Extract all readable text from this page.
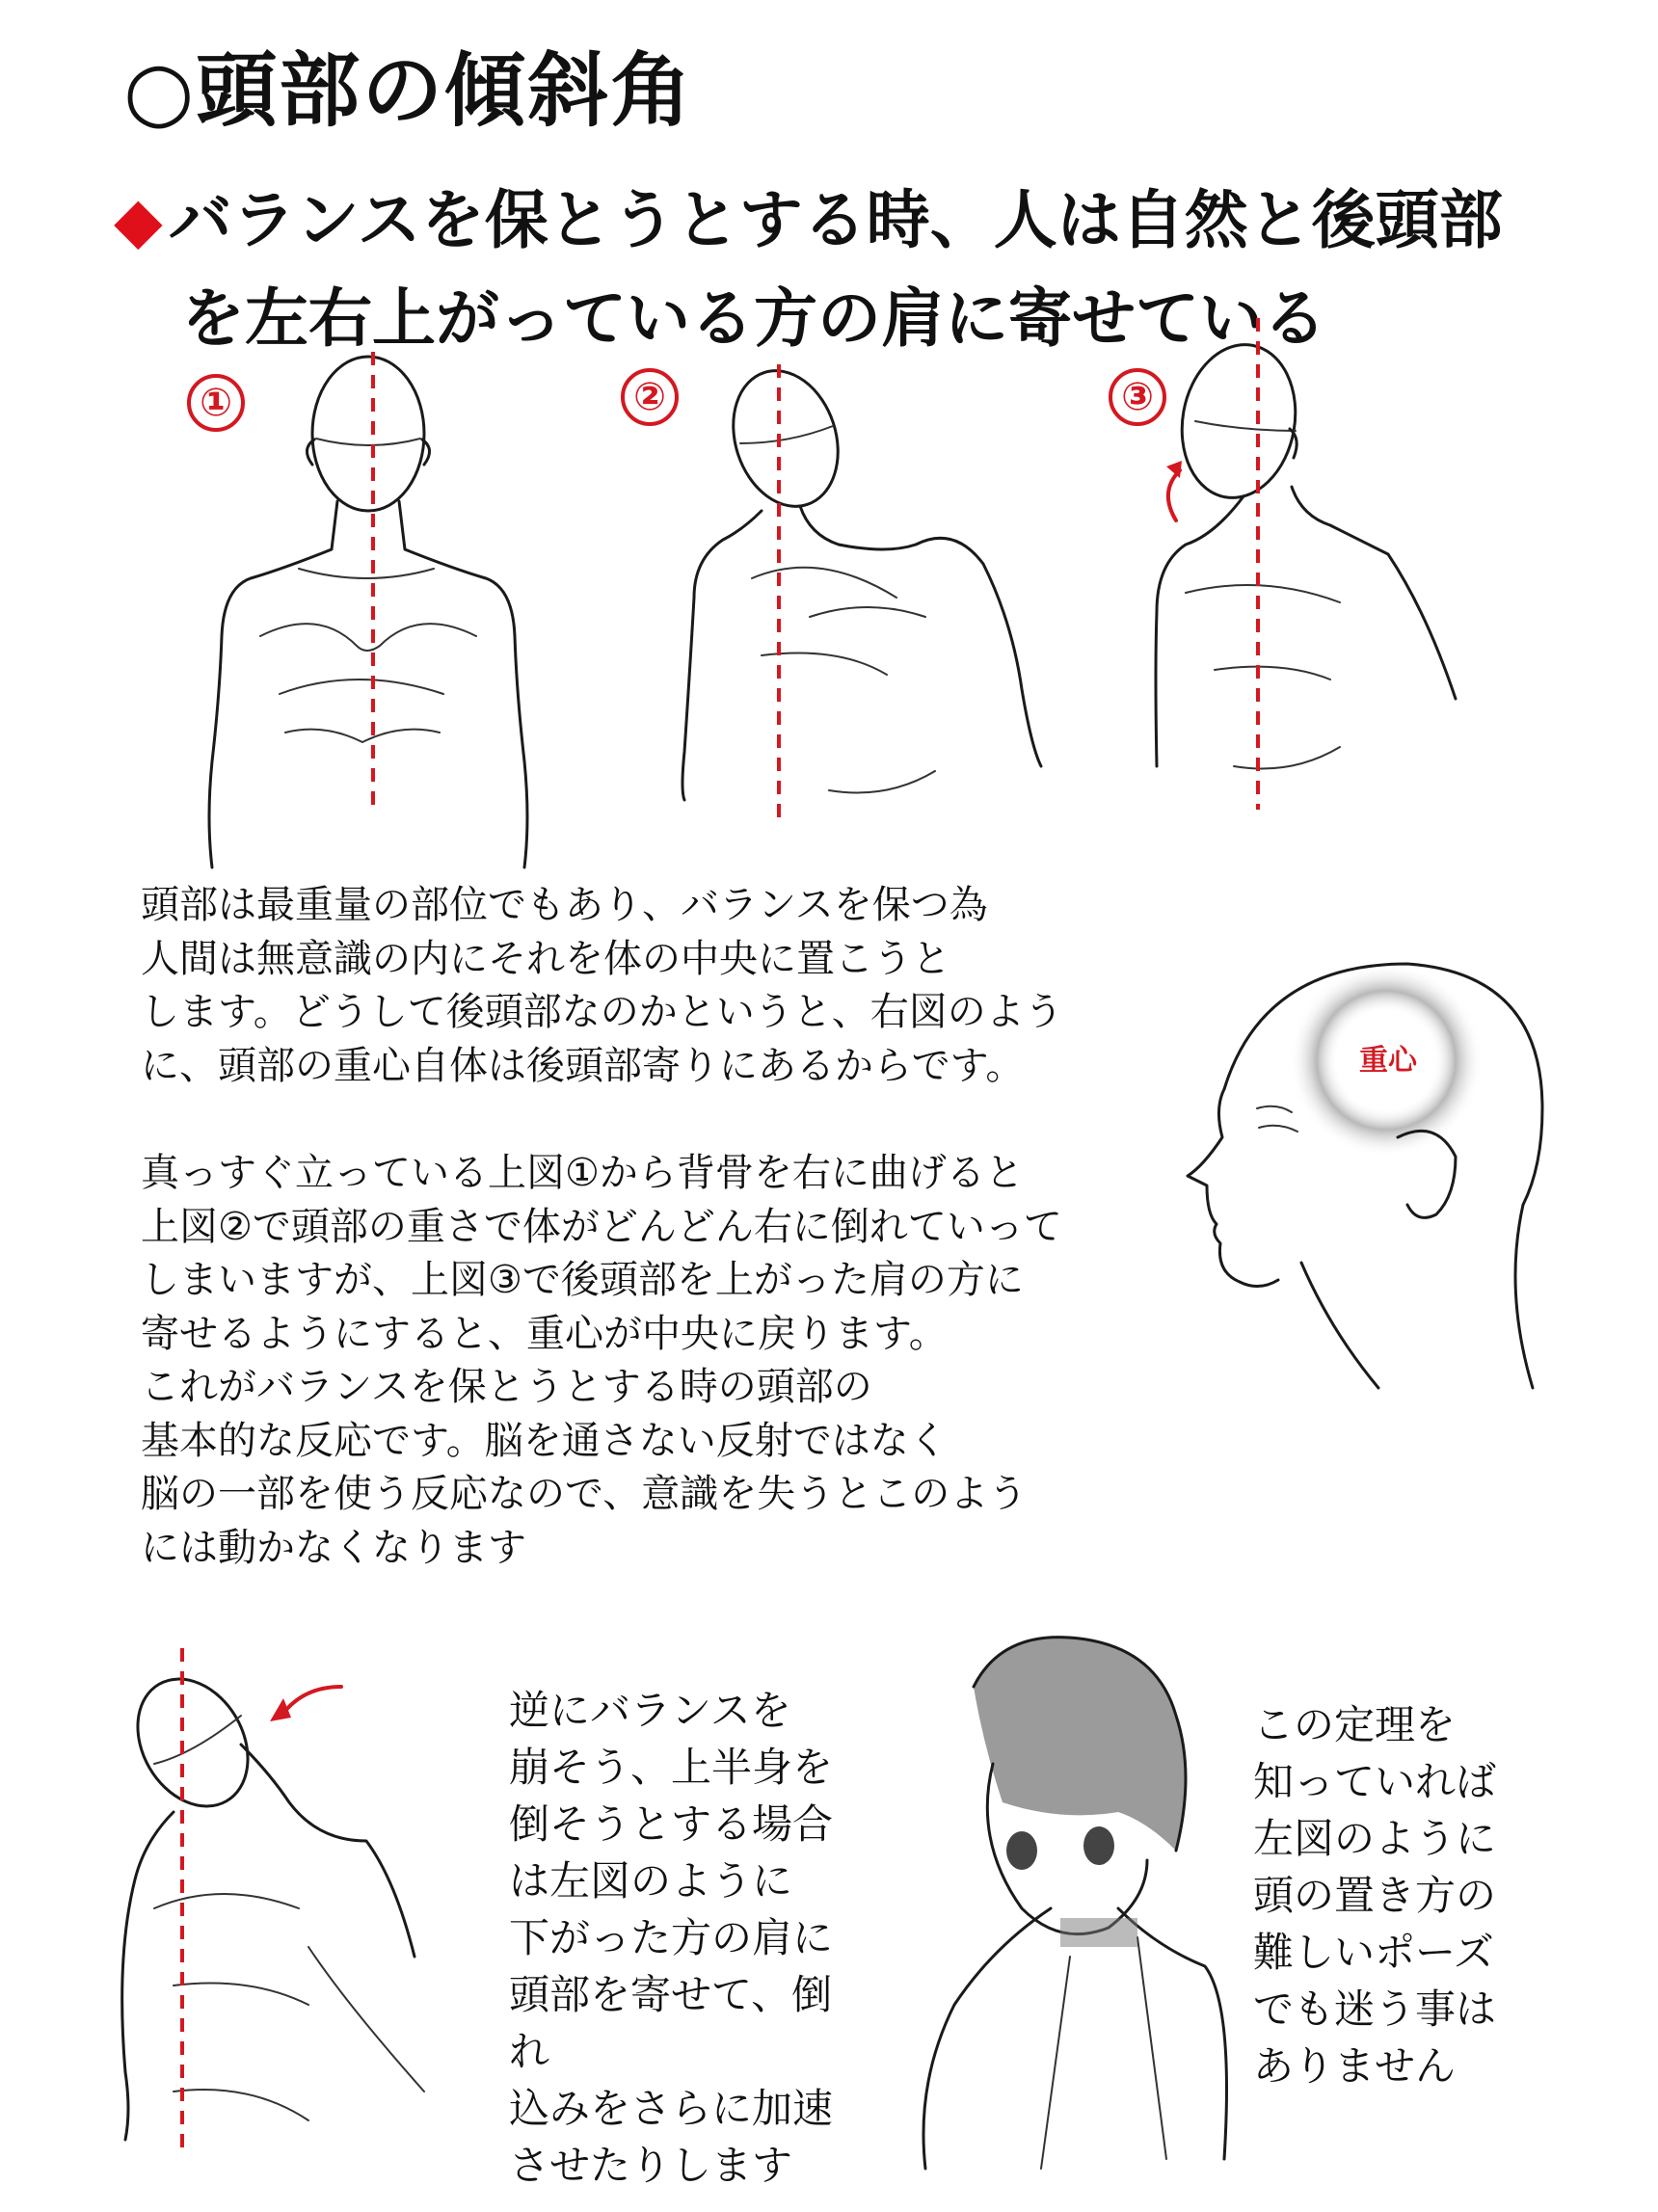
○頭部の傾斜角
◆バランスを保とうとする時、人は自然と後頭部
を左右上がっている方の肩に寄せている
①	②	③

頭部は最重量の部位でもあり、バランスを保つ為

人間は無意識の内にそれを体の中央に置こうと

します。どうして後頭部なのかというと、右図のよう

に、頭部の重心自体は後頭部寄りにあるからです。

真っすぐ立っている上図①から背骨を右に曲げると

上図②で頭部の重さで体がどんどん右に倒れていって

しまいますが、上図③で後頭部を上がった肩の方に

寄せるようにすると、重心が中央に戻ります。

これがバランスを保とうとする時の頭部の

基本的な反応です。脳を通さない反射ではなく

脳の一部を使う反応なので、意識を失うとこのよう

には動かなくなります

重心

逆にバランスを

崩そう、上半身を

倒そうとする場合

は左図のように

下がった方の肩に

頭部を寄せて、倒れ

込みをさらに加速

させたりします

この定理を

知っていれば

左図のように

頭の置き方の

難しいポーズ

でも迷う事は

ありません
